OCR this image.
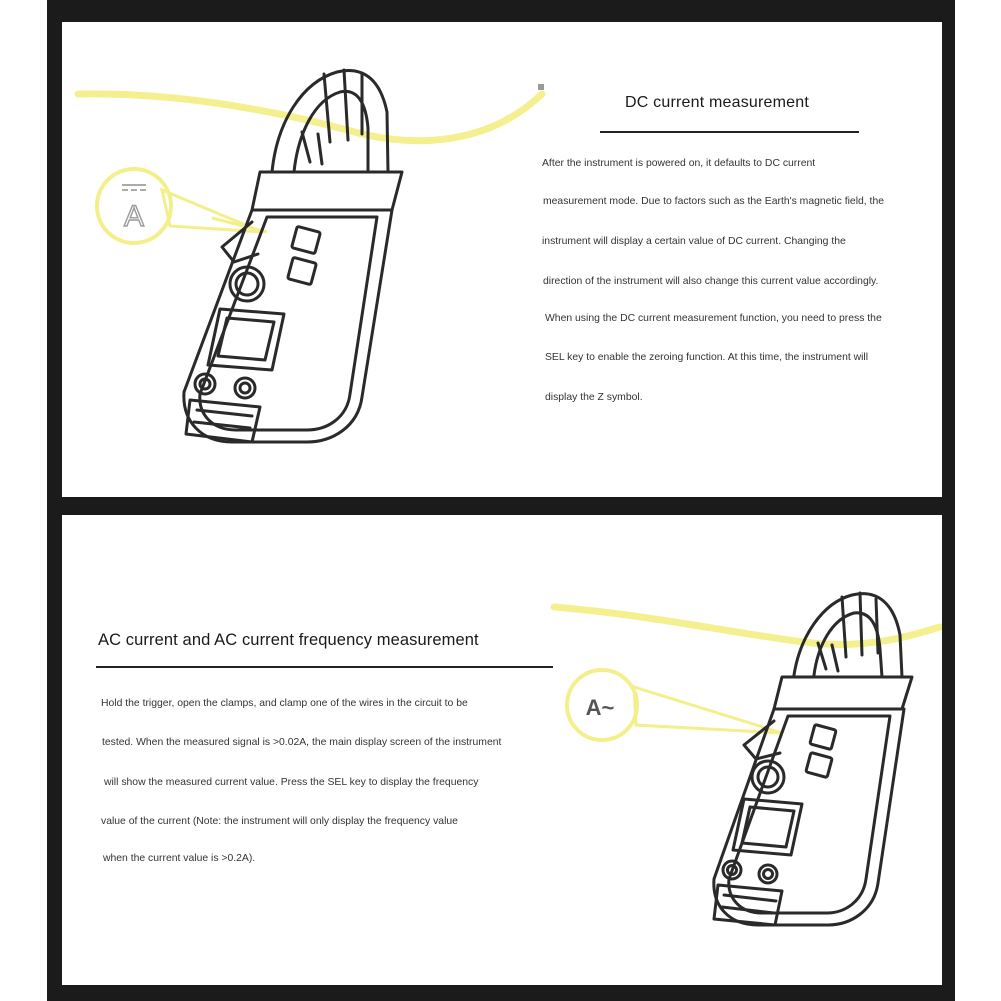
A
DC current measurement

After the instrument is powered on, it defaults to DC current

measurement mode. Due to factors such as the Earth's magnetic field, the

instrument will display a certain value of DC current. Changing the

direction of the instrument will also change this current value accordingly.

When using the DC current measurement function, you need to press the

SEL key to enable the zeroing function. At this time, the instrument will

display the Z symbol.

AC current and AC current frequency measurement

Hold the trigger, open the clamps, and clamp one of the wires in the circuit to be

tested. When the measured signal is >0.02A, the main display screen of the instrument

will show the measured current value. Press the SEL key to display the frequency

value of the current (Note: the instrument will only display the frequency value

when the current value is >0.2A).

A~
